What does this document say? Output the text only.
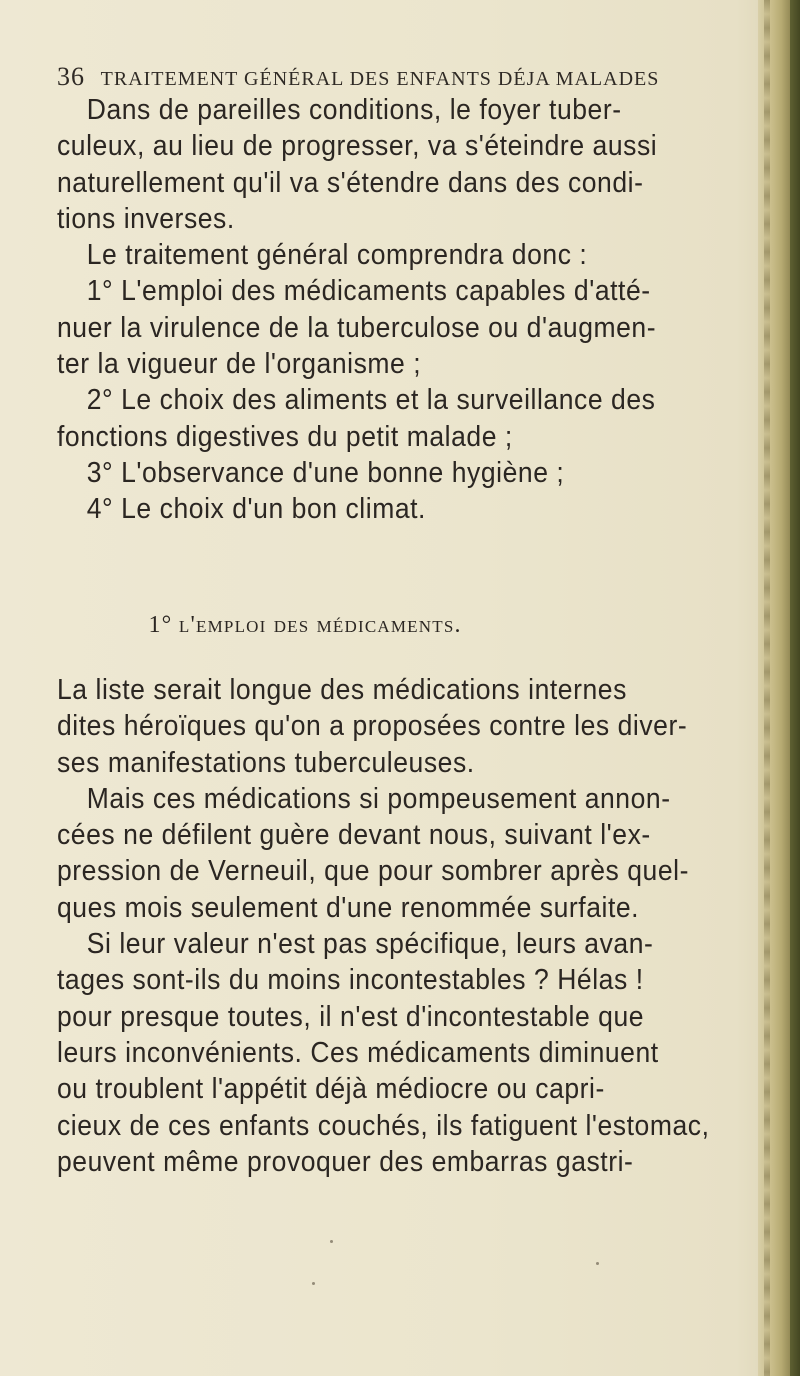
36 TRAITEMENT GÉNÉRAL DES ENFANTS DÉJA MALADES
Dans de pareilles conditions, le foyer tuber-
culeux, au lieu de progresser, va s'éteindre aussi
naturellement qu'il va s'étendre dans des condi-
tions inverses.
Le traitement général comprendra donc :
1° L'emploi des médicaments capables d'atté-
nuer la virulence de la tuberculose ou d'augmen-
ter la vigueur de l'organisme ;
2° Le choix des aliments et la surveillance des
fonctions digestives du petit malade ;
3° L'observance d'une bonne hygiène ;
4° Le choix d'un bon climat.
1° l'emploi des médicaments.
La liste serait longue des médications internes
dites héroïques qu'on a proposées contre les diver-
ses manifestations tuberculeuses.
Mais ces médications si pompeusement annon-
cées ne défilent guère devant nous, suivant l'ex-
pression de Verneuil, que pour sombrer après quel-
ques mois seulement d'une renommée surfaite.
Si leur valeur n'est pas spécifique, leurs avan-
tages sont-ils du moins incontestables ? Hélas !
pour presque toutes, il n'est d'incontestable que
leurs inconvénients. Ces médicaments diminuent
ou troublent l'appétit déjà médiocre ou capri-
cieux de ces enfants couchés, ils fatiguent l'estomac,
peuvent même provoquer des embarras gastri-
